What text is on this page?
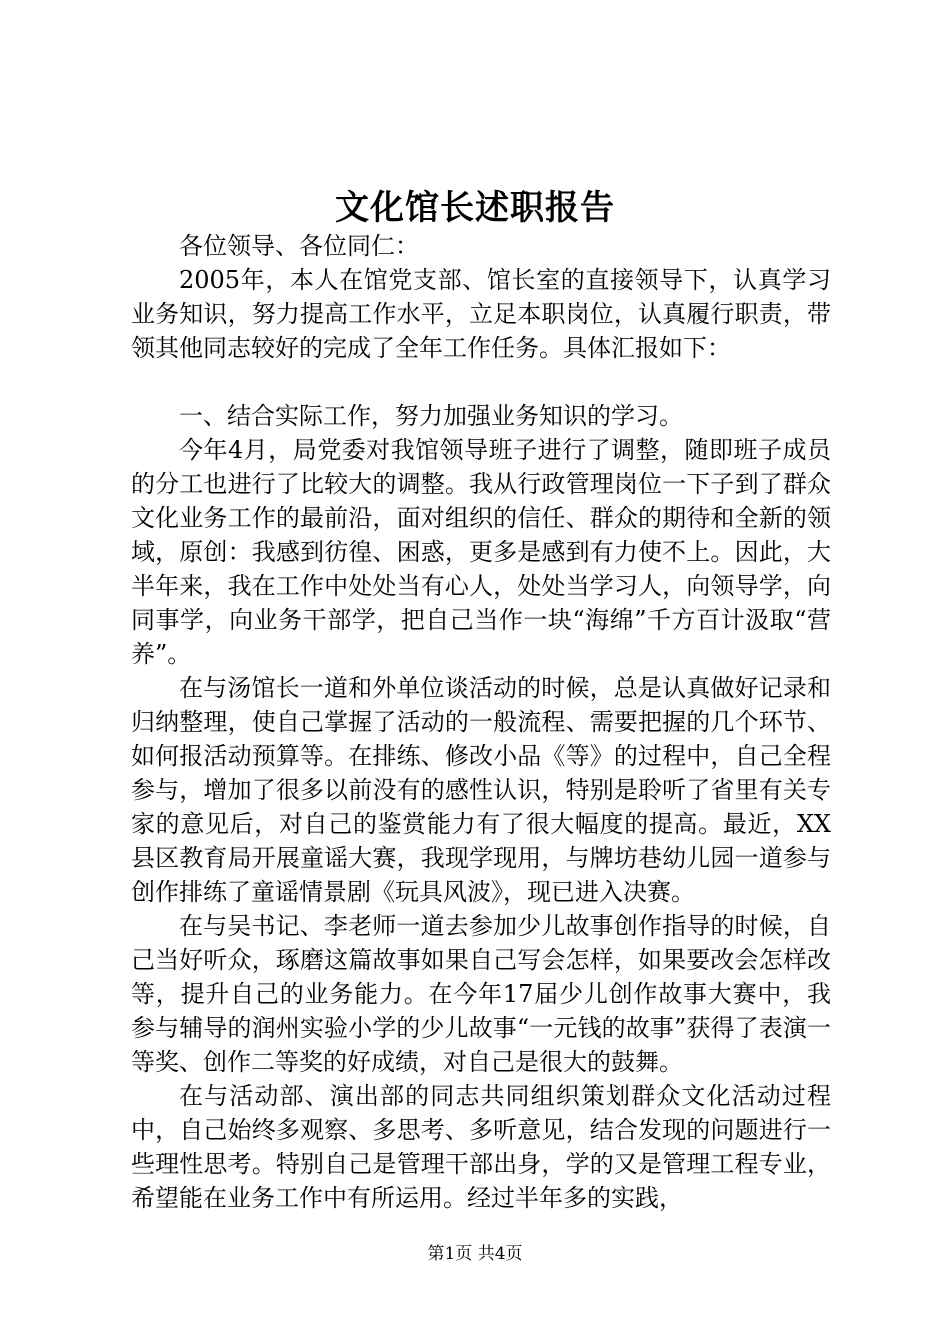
文化馆长述职报告

各位领导、各位同仁：

2005年，本人在馆党支部、馆长室的直接领导下，认真学习业务知识，努力提高工作水平，立足本职岗位，认真履行职责，带领其他同志较好的完成了全年工作任务。具体汇报如下：

一、结合实际工作，努力加强业务知识的学习。

今年4月，局党委对我馆领导班子进行了调整，随即班子成员的分工也进行了比较大的调整。我从行政管理岗位一下子到了群众文化业务工作的最前沿，面对组织的信任、群众的期待和全新的领域，原创：我感到彷徨、困惑，更多是感到有力使不上。因此，大半年来，我在工作中处处当有心人，处处当学习人，向领导学，向同事学，向业务干部学，把自己当作一块“海绵”千方百计汲取“营养”。

在与汤馆长一道和外单位谈活动的时候，总是认真做好记录和归纳整理，使自己掌握了活动的一般流程、需要把握的几个环节、如何报活动预算等。在排练、修改小品《等》的过程中，自己全程参与，增加了很多以前没有的感性认识，特别是聆听了省里有关专家的意见后，对自己的鉴赏能力有了很大幅度的提高。最近，XX县区教育局开展童谣大赛，我现学现用，与牌坊巷幼儿园一道参与创作排练了童谣情景剧《玩具风波》，现已进入决赛。

在与吴书记、李老师一道去参加少儿故事创作指导的时候，自己当好听众，琢磨这篇故事如果自己写会怎样，如果要改会怎样改等，提升自己的业务能力。在今年17届少儿创作故事大赛中，我参与辅导的润州实验小学的少儿故事“一元钱的故事”获得了表演一等奖、创作二等奖的好成绩，对自己是很大的鼓舞。

在与活动部、演出部的同志共同组织策划群众文化活动过程中，自己始终多观察、多思考、多听意见，结合发现的问题进行一些理性思考。特别自己是管理干部出身，学的又是管理工程专业，希望能在业务工作中有所运用。经过半年多的实践，

第1页 共4页
